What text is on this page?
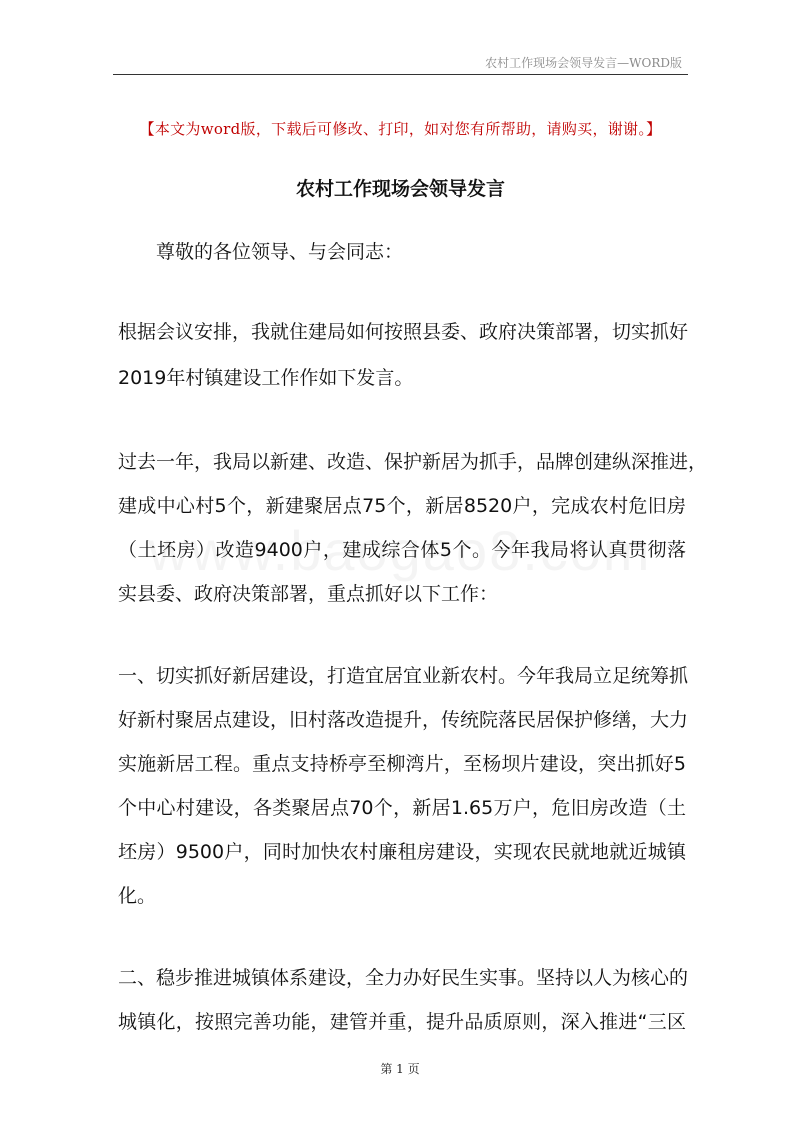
农村工作现场会领导发言—WORD版
【本文为word版，下载后可修改、打印，如对您有所帮助，请购买，谢谢。】
农村工作现场会领导发言
尊敬的各位领导、与会同志：
根据会议安排，我就住建局如何按照县委、政府决策部署，切实抓好
2019年村镇建设工作作如下发言。
过去一年，我局以新建、改造、保护新居为抓手，品牌创建纵深推进，
建成中心村5个，新建聚居点75个，新居8520户，完成农村危旧房
（土坯房）改造9400户，建成综合体5个。今年我局将认真贯彻落
实县委、政府决策部署，重点抓好以下工作：
一、切实抓好新居建设，打造宜居宜业新农村。今年我局立足统筹抓
好新村聚居点建设，旧村落改造提升，传统院落民居保护修缮，大力
实施新居工程。重点支持桥亭至柳湾片，至杨坝片建设，突出抓好5
个中心村建设，各类聚居点70个，新居1.65万户，危旧房改造（土
坯房）9500户，同时加快农村廉租房建设，实现农民就地就近城镇
化。
二、稳步推进城镇体系建设，全力办好民生实事。坚持以人为核心的
城镇化，按照完善功能，建管并重，提升品质原则，深入推进“三区
第 1 页
